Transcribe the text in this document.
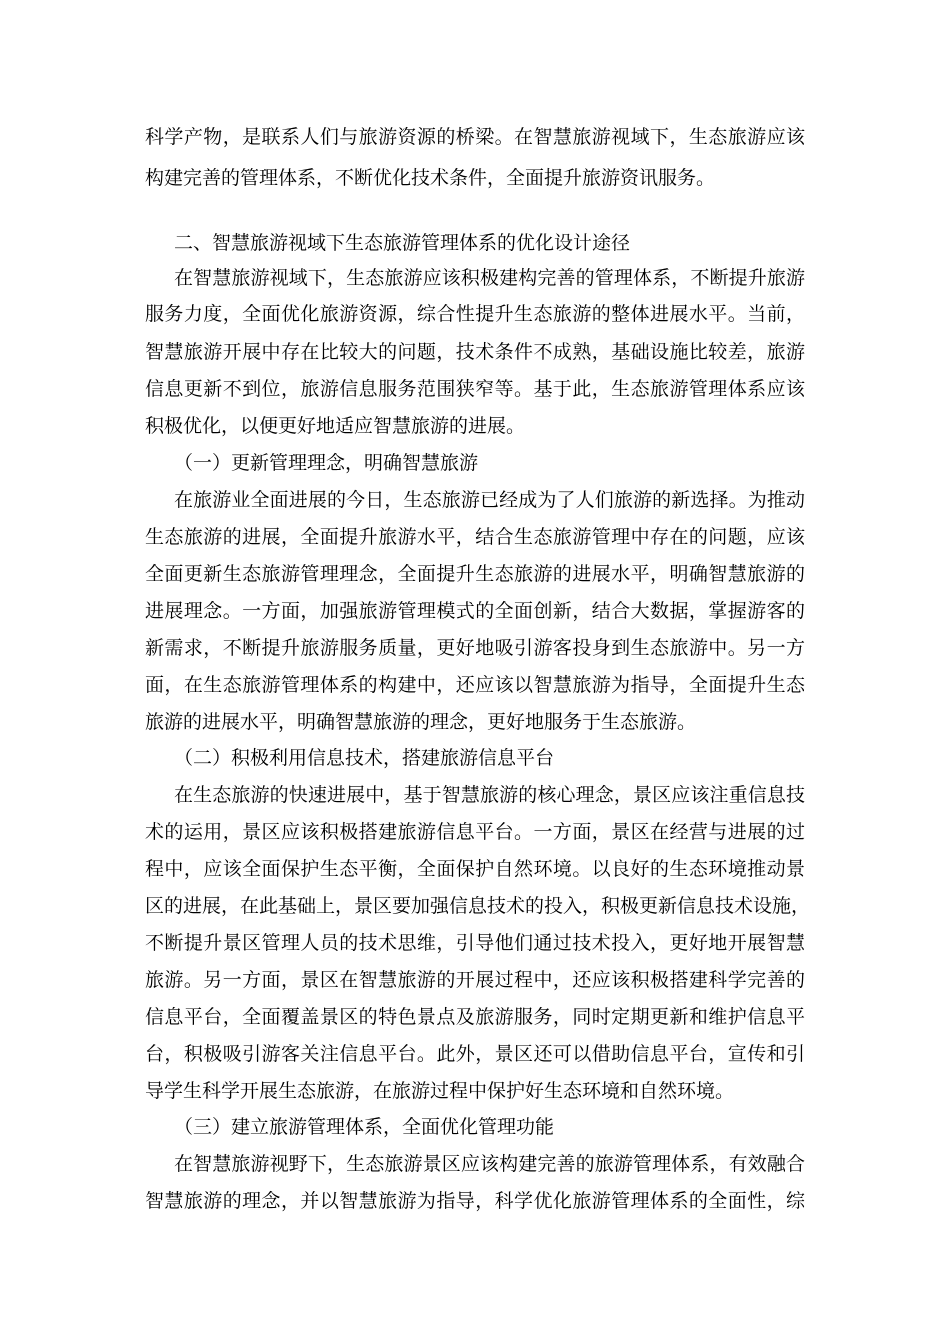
科学产物，是联系人们与旅游资源的桥梁。在智慧旅游视域下，生态旅游应该
构建完善的管理体系，不断优化技术条件，全面提升旅游资讯服务。
二、智慧旅游视域下生态旅游管理体系的优化设计途径
在智慧旅游视域下，生态旅游应该积极建构完善的管理体系，不断提升旅游
服务力度，全面优化旅游资源，综合性提升生态旅游的整体进展水平。当前，
智慧旅游开展中存在比较大的问题，技术条件不成熟，基础设施比较差，旅游
信息更新不到位，旅游信息服务范围狭窄等。基于此，生态旅游管理体系应该
积极优化，以便更好地适应智慧旅游的进展。
（一）更新管理理念，明确智慧旅游
在旅游业全面进展的今日，生态旅游已经成为了人们旅游的新选择。为推动
生态旅游的进展，全面提升旅游水平，结合生态旅游管理中存在的问题，应该
全面更新生态旅游管理理念，全面提升生态旅游的进展水平，明确智慧旅游的
进展理念。一方面，加强旅游管理模式的全面创新，结合大数据，掌握游客的
新需求，不断提升旅游服务质量，更好地吸引游客投身到生态旅游中。另一方
面，在生态旅游管理体系的构建中，还应该以智慧旅游为指导，全面提升生态
旅游的进展水平，明确智慧旅游的理念，更好地服务于生态旅游。
（二）积极利用信息技术，搭建旅游信息平台
在生态旅游的快速进展中，基于智慧旅游的核心理念，景区应该注重信息技
术的运用，景区应该积极搭建旅游信息平台。一方面，景区在经营与进展的过
程中，应该全面保护生态平衡，全面保护自然环境。以良好的生态环境推动景
区的进展，在此基础上，景区要加强信息技术的投入，积极更新信息技术设施，
不断提升景区管理人员的技术思维，引导他们通过技术投入，更好地开展智慧
旅游。另一方面，景区在智慧旅游的开展过程中，还应该积极搭建科学完善的
信息平台，全面覆盖景区的特色景点及旅游服务，同时定期更新和维护信息平
台，积极吸引游客关注信息平台。此外，景区还可以借助信息平台，宣传和引
导学生科学开展生态旅游，在旅游过程中保护好生态环境和自然环境。
（三）建立旅游管理体系，全面优化管理功能
在智慧旅游视野下，生态旅游景区应该构建完善的旅游管理体系，有效融合
智慧旅游的理念，并以智慧旅游为指导，科学优化旅游管理体系的全面性，综
